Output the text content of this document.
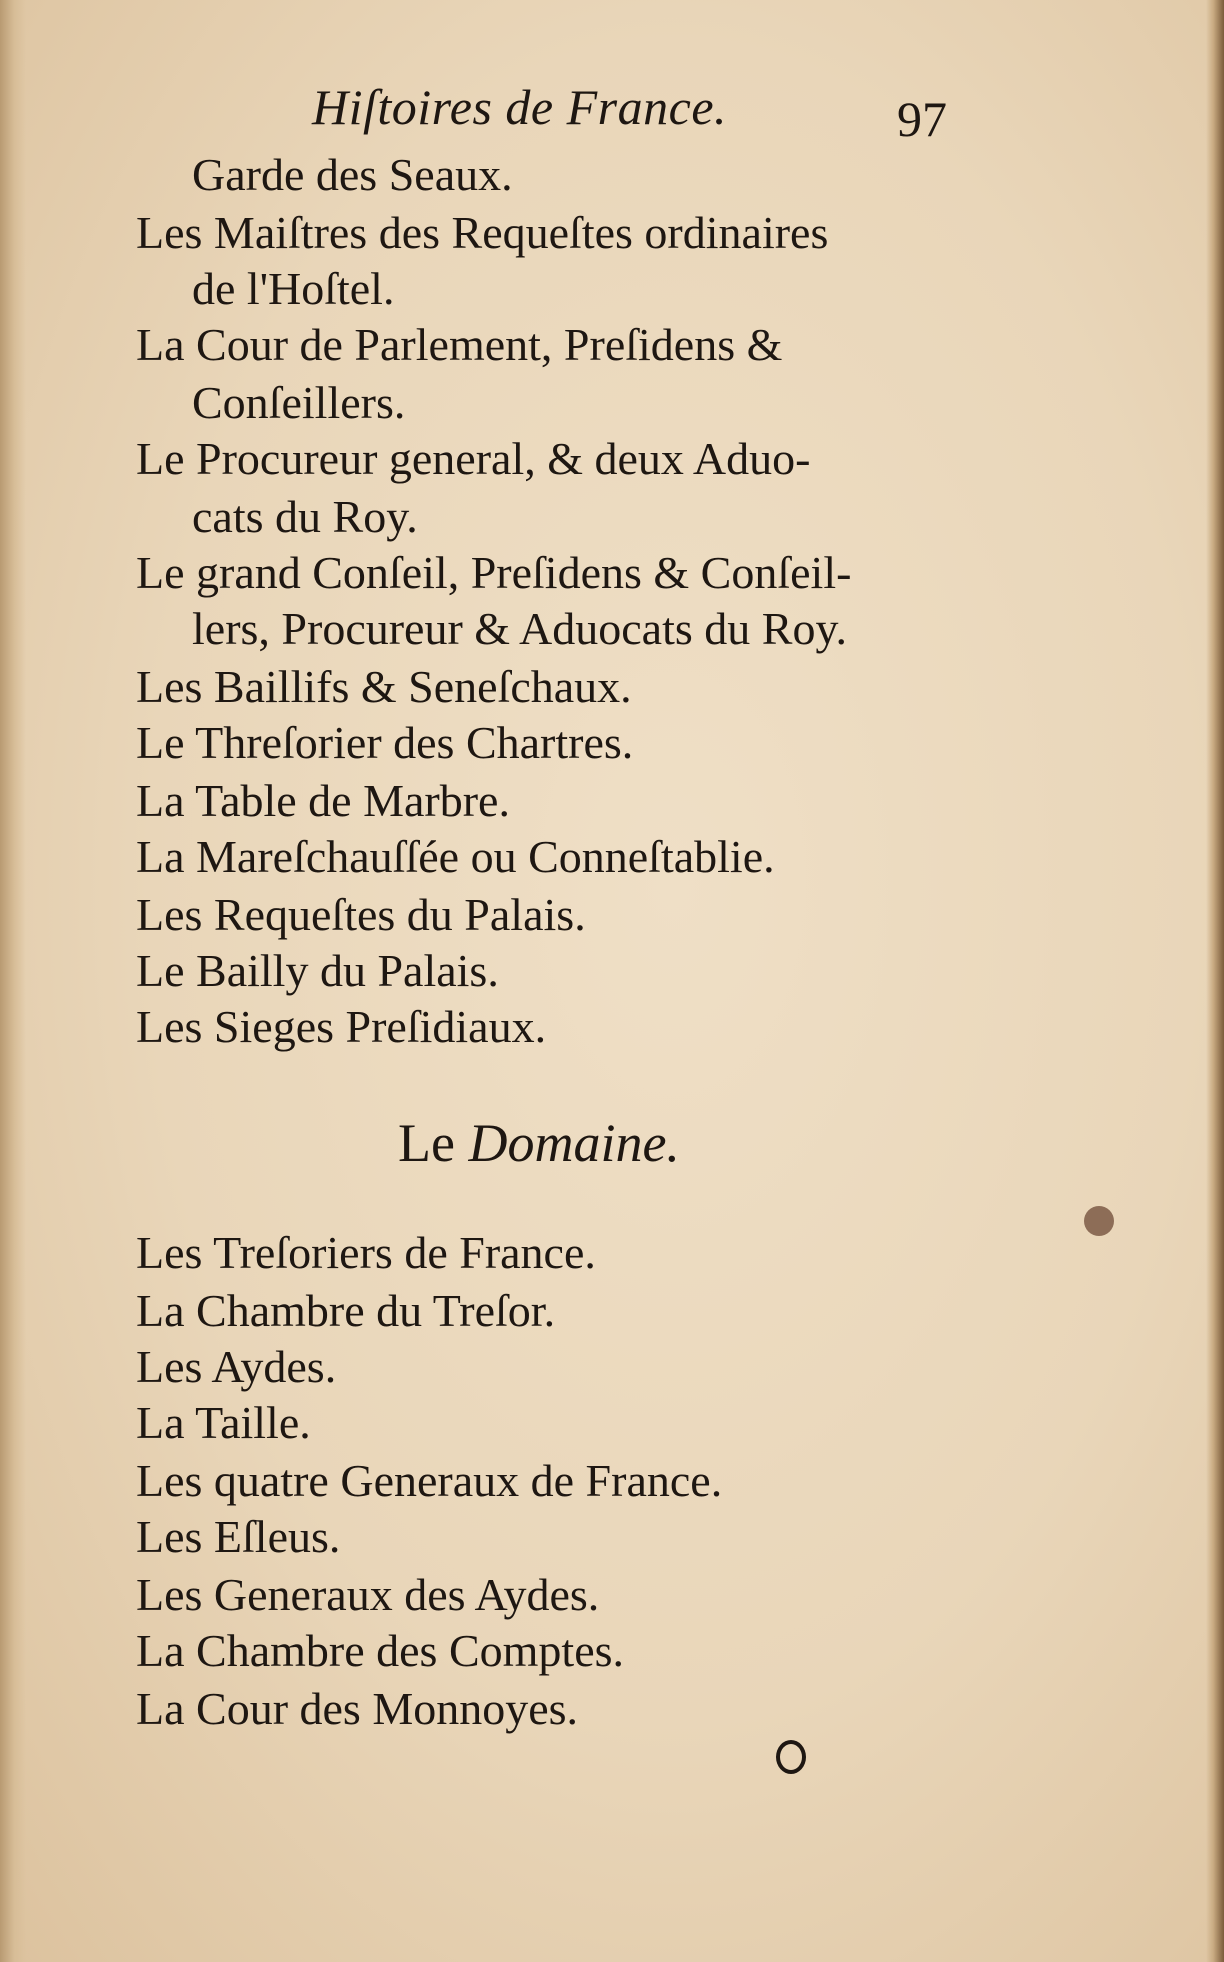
Hiſtoires de France.	97
Garde des Seaux.
Les Maiſtres des Requeſtes ordinaires
de l'Hoſtel.
La Cour de Parlement, Preſidens &
Conſeillers.
Le Procureur general, & deux Aduo-
cats du Roy.
Le grand Conſeil, Preſidens & Conſeil-
lers, Procureur & Aduocats du Roy.
Les Baillifs & Seneſchaux.
Le Threſorier des Chartres.
La Table de Marbre.
La Mareſchauſſée ou Conneſtablie.
Les Requeſtes du Palais.
Le Bailly du Palais.
Les Sieges Preſidiaux.
Le Domaine.
Les Treſoriers de France.
La Chambre du Treſor.
Les Aydes.
La Taille.
Les quatre Generaux de France.
Les Eſleus.
Les Generaux des Aydes.
La Chambre des Comptes.
La Cour des Monnoyes.
